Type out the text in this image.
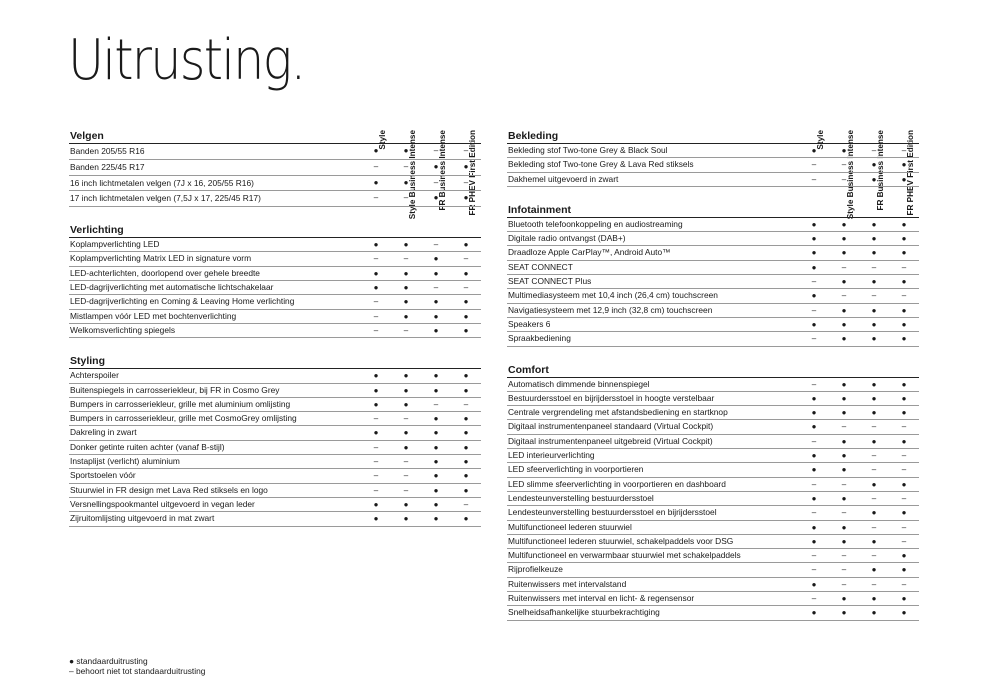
Uitrusting.
Velgen	Style	Style Business Intense	FR Business Intense	FR PHEV First Edition
Banden 205/55 R16	●	●	–	–
Banden 225/45 R17	–	–	●	●
16 inch lichtmetalen velgen (7J x 16, 205/55 R16)	●	●	–	–
17 inch lichtmetalen velgen (7,5J x 17, 225/45 R17)	–	–	●	●
Verlichting
Koplampverlichting LED	●	●	–	●
Koplampverlichting Matrix LED in signature vorm	–	–	●	–
LED-achterlichten, doorlopend over gehele breedte	●	●	●	●
LED-dagrijverlichting met automatische lichtschakelaar	●	●	–	–
LED-dagrijverlichting en Coming & Leaving Home verlichting	–	●	●	●
Mistlampen vóór LED met bochtenverlichting	–	●	●	●
Welkomsverlichting spiegels	–	–	●	●
Styling
Achterspoiler	●	●	●	●
Buitenspiegels in carrosseriekleur, bij FR in Cosmo Grey	●	●	●	●
Bumpers in carrosseriekleur, grille met aluminium omlijsting	●	●	–	–
Bumpers in carrosseriekleur, grille met CosmoGrey omlijsting	–	–	●	●
Dakreling in zwart	●	●	●	●
Donker getinte ruiten achter (vanaf B-stijl)	–	●	●	●
Instaplijst (verlicht) aluminium	–	–	●	●
Sportstoelen vóór	–	–	●	●
Stuurwiel in FR design met Lava Red stiksels en logo	–	–	●	●
Versnellingspookmantel uitgevoerd in vegan leder	●	●	●	–
Zijruitomlijsting uitgevoerd in mat zwart	●	●	●	●
Bekleding	Style	Style Business Intense	FR Business Intense	FR PHEV First Edition
Bekleding stof Two-tone Grey & Black Soul	●	●	–	–
Bekleding stof Two-tone Grey & Lava Red stiksels	–	–	●	●
Dakhemel uitgevoerd in zwart	–	–	●	●
Infotainment
Bluetooth telefoonkoppeling en audiostreaming	●	●	●	●
Digitale radio ontvangst (DAB+)	●	●	●	●
Draadloze Apple CarPlay™, Android Auto™	●	●	●	●
SEAT CONNECT	●	–	–	–
SEAT CONNECT Plus	–	●	●	●
Multimediasysteem met 10,4 inch (26,4 cm) touchscreen	●	–	–	–
Navigatiesysteem met 12,9 inch (32,8 cm) touchscreen	–	●	●	●
Speakers 6	●	●	●	●
Spraakbediening	–	●	●	●
Comfort
Automatisch dimmende binnenspiegel	–	●	●	●
Bestuurdersstoel en bijrijdersstoel in hoogte verstelbaar	●	●	●	●
Centrale vergrendeling met afstandsbediening en startknop	●	●	●	●
Digitaal instrumentenpaneel standaard (Virtual Cockpit)	●	–	–	–
Digitaal instrumentenpaneel uitgebreid (Virtual Cockpit)	–	●	●	●
LED interieurverlichting	●	●	–	–
LED sfeerverlichting in voorportieren	●	●	–	–
LED slimme sfeerverlichting in voorportieren en dashboard	–	–	●	●
Lendesteunverstelling bestuurdersstoel	●	●	–	–
Lendesteunverstelling bestuurdersstoel en bijrijdersstoel	–	–	●	●
Multifunctioneel lederen stuurwiel	●	●	–	–
Multifunctioneel lederen stuurwiel, schakelpaddels voor DSG	●	●	●	–
Multifunctioneel en verwarmbaar stuurwiel met schakelpaddels	–	–	–	●
Rijprofielkeuze	–	–	●	●
Ruitenwissers met intervalstand	●	–	–	–
Ruitenwissers met interval en licht- & regensensor	–	●	●	●
Snelheidsafhankelijke stuurbekrachtiging	●	●	●	●
● standaarduitrusting
– behoort niet tot standaarduitrusting
